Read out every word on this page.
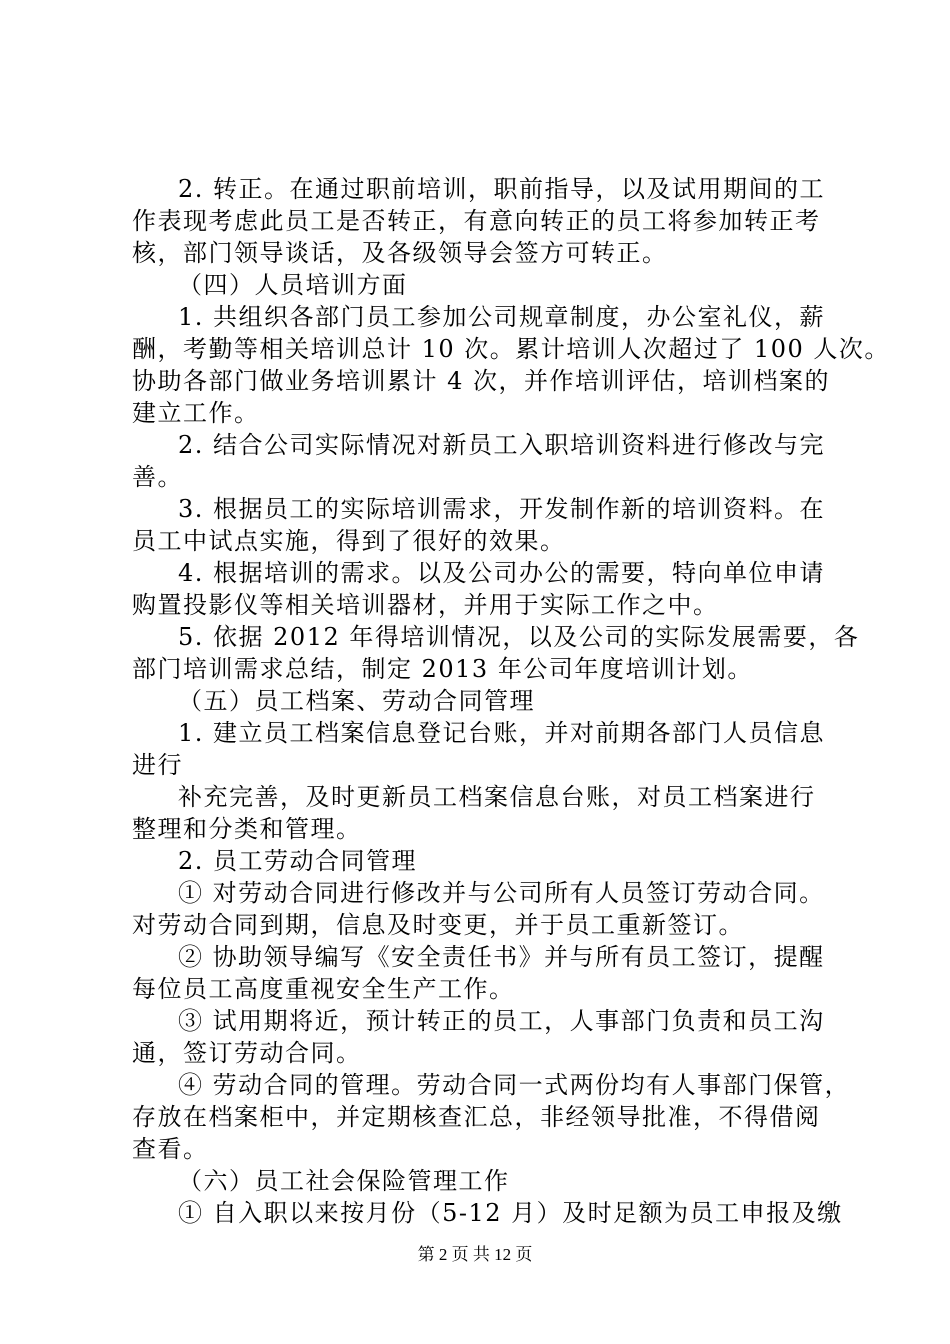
2. 转正。在通过职前培训，职前指导，以及试用期间的工
作表现考虑此员工是否转正，有意向转正的员工将参加转正考
核，部门领导谈话，及各级领导会签方可转正。
（四）人员培训方面
1. 共组织各部门员工参加公司规章制度，办公室礼仪，薪
酬，考勤等相关培训总计 10 次。累计培训人次超过了 100 人次。
协助各部门做业务培训累计 4 次，并作培训评估，培训档案的
建立工作。
2. 结合公司实际情况对新员工入职培训资料进行修改与完
善。
3. 根据员工的实际培训需求，开发制作新的培训资料。在
员工中试点实施，得到了很好的效果。
4. 根据培训的需求。以及公司办公的需要，特向单位申请
购置投影仪等相关培训器材，并用于实际工作之中。
5. 依据 2012 年得培训情况，以及公司的实际发展需要，各
部门培训需求总结，制定 2013 年公司年度培训计划。
（五）员工档案、劳动合同管理
1. 建立员工档案信息登记台账，并对前期各部门人员信息
进行
补充完善，及时更新员工档案信息台账，对员工档案进行
整理和分类和管理。
2. 员工劳动合同管理
① 对劳动合同进行修改并与公司所有人员签订劳动合同。
对劳动合同到期，信息及时变更，并于员工重新签订。
② 协助领导编写《安全责任书》并与所有员工签订，提醒
每位员工高度重视安全生产工作。
③ 试用期将近，预计转正的员工，人事部门负责和员工沟
通，签订劳动合同。
④ 劳动合同的管理。劳动合同一式两份均有人事部门保管，
存放在档案柜中，并定期核查汇总，非经领导批准，不得借阅
查看。
（六）员工社会保险管理工作
① 自入职以来按月份（5-12 月）及时足额为员工申报及缴
第 2 页 共 12 页
